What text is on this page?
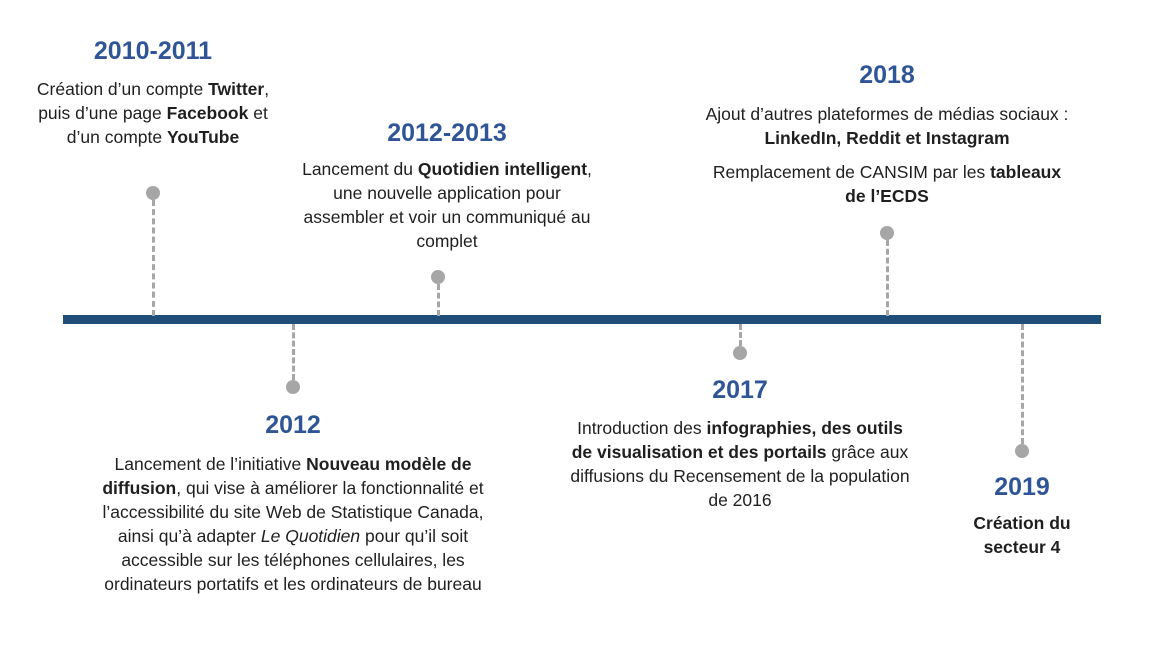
2010-2011
Création d’un compte Twitter, puis d’une page Facebook et d’un compte YouTube
2012
Lancement de l’initiative Nouveau modèle de diffusion, qui vise à améliorer la fonctionnalité et l’accessibilité du site Web de Statistique Canada, ainsi qu’à adapter Le Quotidien pour qu’il soit accessible sur les téléphones cellulaires, les ordinateurs portatifs et les ordinateurs de bureau
2012-2013
Lancement du Quotidien intelligent, une nouvelle application pour assembler et voir un communiqué au complet
2017
Introduction des infographies, des outils de visualisation et des portails grâce aux diffusions du Recensement de la population de 2016
2018

Ajout d’autres plateformes de médias sociaux : LinkedIn, Reddit et Instagram

Remplacement de CANSIM par les tableaux de l’ECDS

2019
Création du secteur 4
